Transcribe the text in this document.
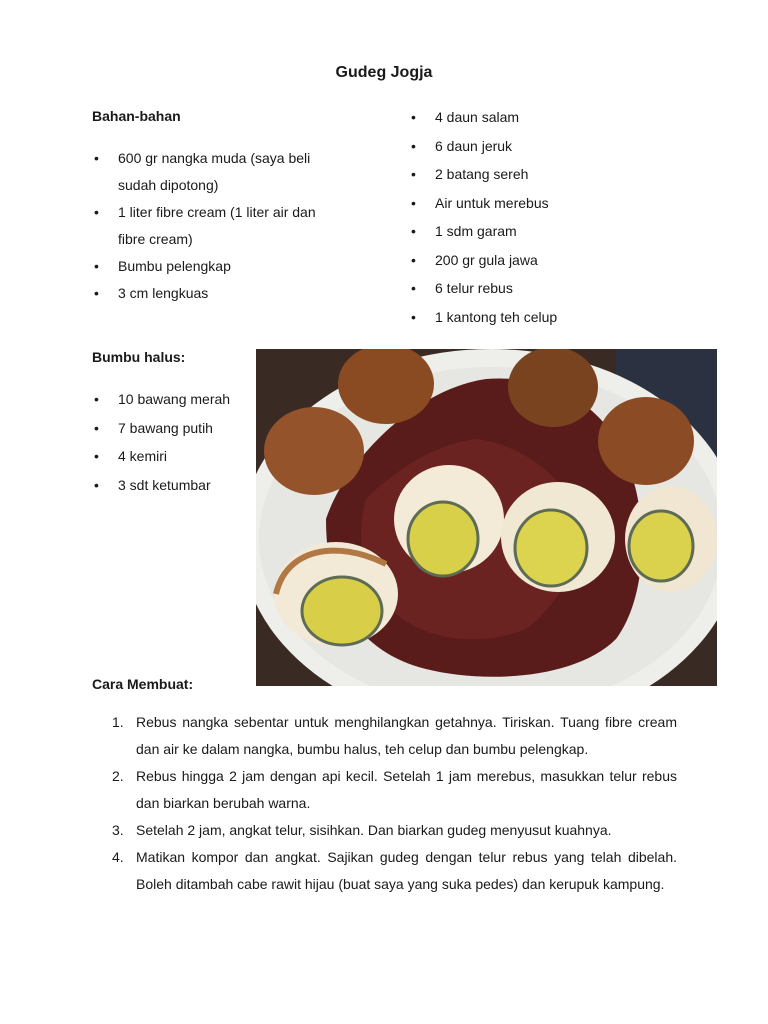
Gudeg Jogja
Bahan-bahan
• 600 gr nangka muda (saya beli sudah dipotong)
• 1 liter fibre cream (1 liter air dan fibre cream)
• Bumbu pelengkap
• 3 cm lengkuas
• 4 daun salam
• 6 daun jeruk
• 2 batang sereh
• Air untuk merebus
• 1 sdm garam
• 200 gr gula jawa
• 6 telur rebus
• 1 kantong teh celup
Bumbu halus:
• 10 bawang merah
• 7 bawang putih
• 4 kemiri
• 3 sdt ketumbar
Cara Membuat:
1. Rebus nangka sebentar untuk menghilangkan getahnya. Tiriskan. Tuang fibre cream dan air ke dalam nangka, bumbu halus, teh celup dan bumbu pelengkap.
2. Rebus hingga 2 jam dengan api kecil. Setelah 1 jam merebus, masukkan telur rebus dan biarkan berubah warna.
3. Setelah 2 jam, angkat telur, sisihkan. Dan biarkan gudeg menyusut kuahnya.
4. Matikan kompor dan angkat. Sajikan gudeg dengan telur rebus yang telah dibelah. Boleh ditambah cabe rawit hijau (buat saya yang suka pedes) dan kerupuk kampung.
